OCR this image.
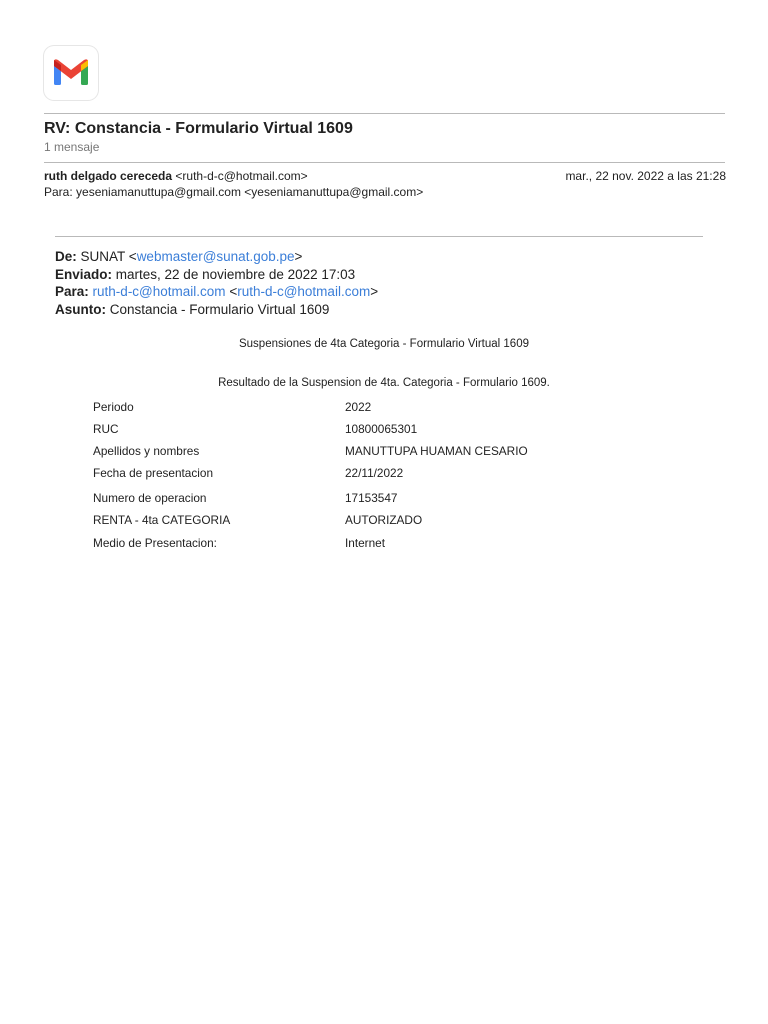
RV: Constancia - Formulario Virtual 1609
1 mensaje
ruth delgado cereceda <ruth-d-c@hotmail.com>	mar., 22 nov. 2022 a las 21:28
Para: yeseniamanuttupa@gmail.com <yeseniamanuttupa@gmail.com>
De: SUNAT <webmaster@sunat.gob.pe>
Enviado: martes, 22 de noviembre de 2022 17:03
Para: ruth-d-c@hotmail.com <ruth-d-c@hotmail.com>
Asunto: Constancia - Formulario Virtual 1609
Suspensiones de 4ta Categoria - Formulario Virtual 1609
Resultado de la Suspension de 4ta. Categoria - Formulario 1609.
Periodo	2022
RUC	10800065301
Apellidos y nombres	MANUTTUPA HUAMAN CESARIO
Fecha de presentacion	22/11/2022
Numero de operacion	17153547
RENTA - 4ta CATEGORIA	AUTORIZADO
Medio de Presentacion:	Internet
